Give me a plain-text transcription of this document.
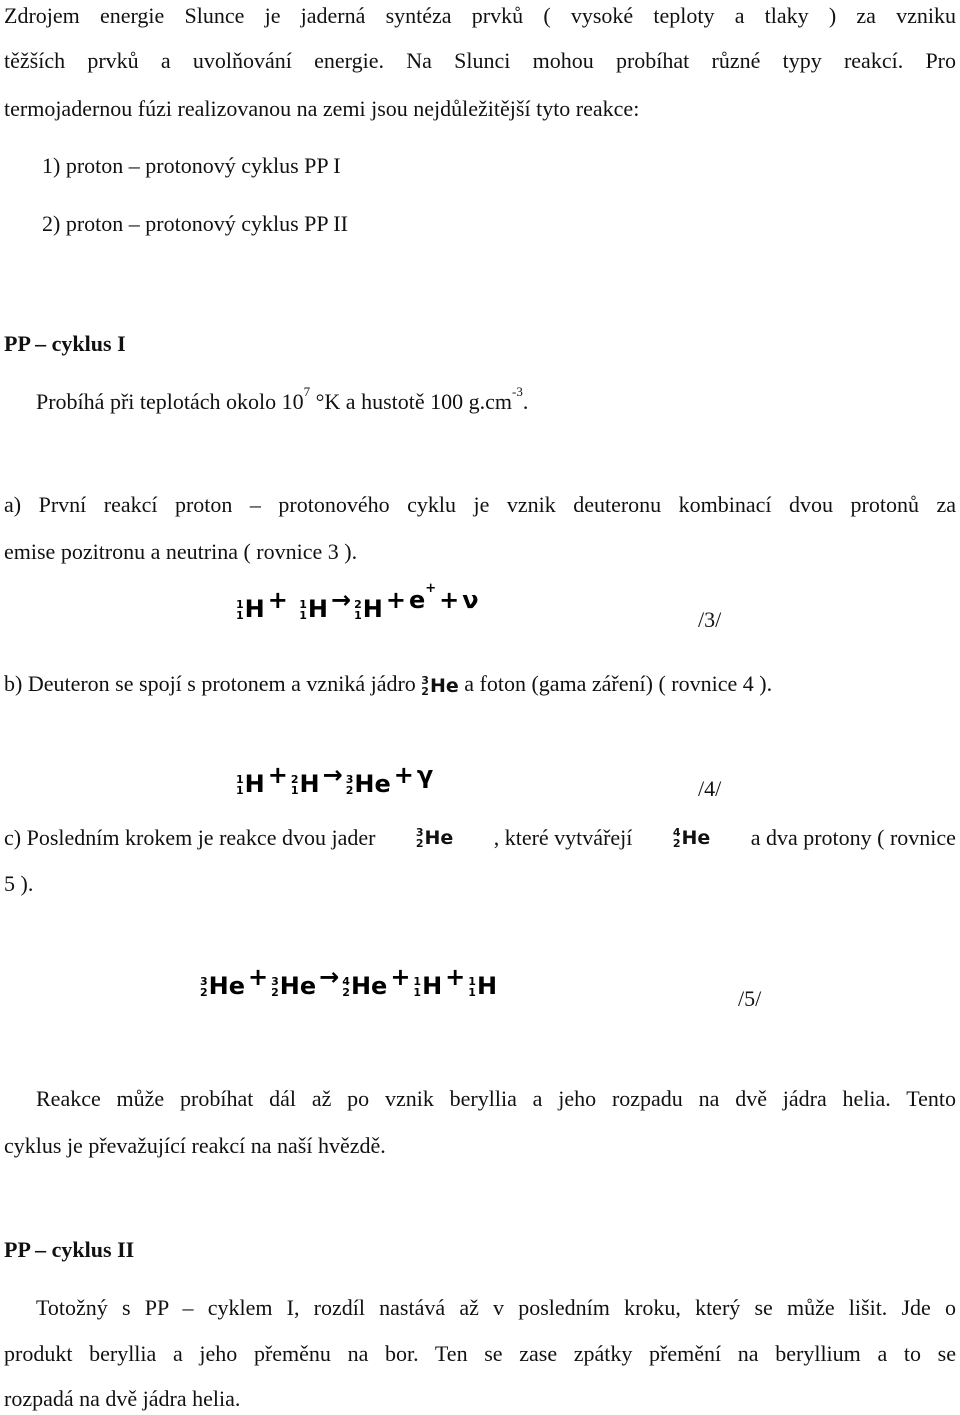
Zdrojem energie Slunce je jaderná syntéza prvků ( vysoké teploty a tlaky ) za vzniku
těžších prvků a uvolňování energie. Na Slunci mohou probíhat různé typy reakcí. Pro
termojadernou fúzi realizovanou na zemi jsou nejdůležitější tyto reakce:
1) proton – protonový cyklus PP I
2) proton – protonový cyklus PP II
PP – cyklus I
Probíhá při teplotách okolo $10^7$ °K a hustotě 100 $g.cm^{-3}$.
a) První reakcí proton – protonového cyklu je vznik deuteronu kombinací dvou protonů za
emise pozitronu a neutrina ( rovnice 3 ).
1
1 H + 1
1 H → 2
1 H + e+ + ν
/3/
b) Deuteron se spojí s protonem a vzniká jádro 3
2 He a foton (gama záření) ( rovnice 4 ).
1
1 H + 2
1 H → 3
2 He + γ	/4/
c) Posledním krokem je reakce dvou jader	3
2 He , které vytvářejí	4
2 He a dva protony ( rovnice
5 ).
3
2 He + 3
2 He → 4
2 He + 1
1 H + 1
1 H	/5/
Reakce může probíhat dál až po vznik beryllia a jeho rozpadu na dvě jádra helia. Tento
cyklus je převažující reakcí na naší hvězdě.
PP – cyklus II
Totožný s PP – cyklem I, rozdíl nastává až v posledním kroku, který se může lišit. Jde o
produkt beryllia a jeho přeměnu na bor. Ten se zase zpátky přemění na beryllium a to se
rozpadá na dvě jádra helia.
